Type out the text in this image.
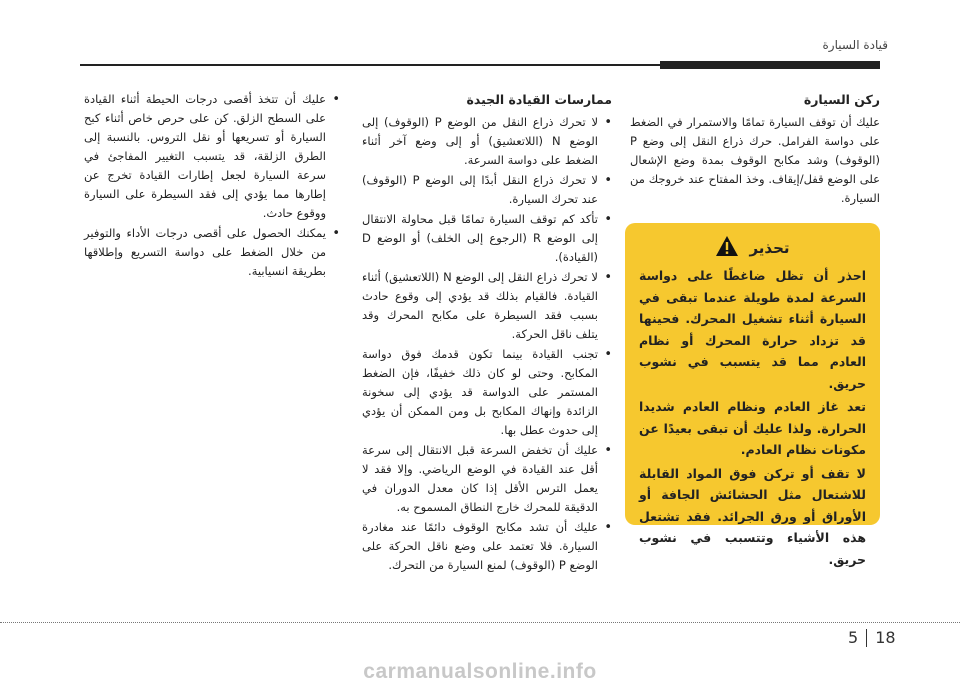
قيادة السيارة
ركن السيارة

عليك أن توقف السيارة تمامًا والاستمرار في الضغط على دواسة الفرامل. حرك ذراع النقل إلى وضع P (الوقوف) وشد مكابح الوقوف بمدة وضع الإشعال على الوضع قفل/إيقاف. وخذ المفتاح عند خروجك من السيارة.

تحذير

احذر أن تظل ضاغطًا على دواسة السرعة لمدة طويلة عندما تبقى في السيارة أثناء تشغيل المحرك. فحينها قد تزداد حرارة المحرك أو نظام العادم مما قد يتسبب في نشوب حريق.

تعد غاز العادم ونظام العادم شديدا الحرارة. ولذا عليك أن تبقى بعيدًا عن مكونات نظام العادم.

لا تقف أو تركن فوق المواد القابلة للاشتعال مثل الحشائش الجافة أو الأوراق أو ورق الجرائد. فقد تشتعل هذه الأشياء وتتسبب في نشوب حريق.

ممارسات القيادة الجيدة
• لا تحرك ذراع النقل من الوضع P (الوقوف) إلى الوضع N (اللاتعشيق) أو إلى وضع آخر أثناء الضغط على دواسة السرعة.
• لا تحرك ذراع النقل أبدًا إلى الوضع P (الوقوف) عند تحرك السيارة.
• تأكد كم توقف السيارة تمامًا قبل محاولة الانتقال إلى الوضع R (الرجوع إلى الخلف) أو الوضع D (القيادة).
• لا تحرك ذراع النقل إلى الوضع N (اللاتعشيق) أثناء القيادة. فالقيام بذلك قد يؤدي إلى وقوع حادث بسبب فقد السيطرة على مكابح المحرك وقد يتلف ناقل الحركة.
• تجنب القيادة بينما تكون قدمك فوق دواسة المكابح. وحتى لو كان ذلك خفيفًا، فإن الضغط المستمر على الدواسة قد يؤدي إلى سخونة الزائدة وإنهاك المكابح بل ومن الممكن أن يؤدي إلى حدوث عطل بها.
• عليك أن تخفض السرعة قبل الانتقال إلى سرعة أقل عند القيادة في الوضع الرياضي. وإلا فقد لا يعمل الترس الأقل إذا كان معدل الدوران في الدقيقة للمحرك خارج النطاق المسموح به.
• عليك أن تشد مكابح الوقوف دائمًا عند مغادرة السيارة. فلا تعتمد على وضع ناقل الحركة على الوضع P (الوقوف) لمنع السيارة من التحرك.
• عليك أن تتخذ أقصى درجات الحيطة أثناء القيادة على السطح الزلق. كن على حرص خاص أثناء كبح السيارة أو تسريعها أو نقل التروس. بالنسبة إلى الطرق الزلقة، قد يتسبب التغيير المفاجئ في سرعة السيارة لجعل إطارات القيادة تخرج عن إطارها مما يؤدي إلى فقد السيطرة على السيارة ووقوع حادث.
• يمكنك الحصول على أقصى درجات الأداء والتوفير من خلال الضغط على دواسة التسريع وإطلاقها بطريقة انسيابية.
5 18
carmanualsonline.info
